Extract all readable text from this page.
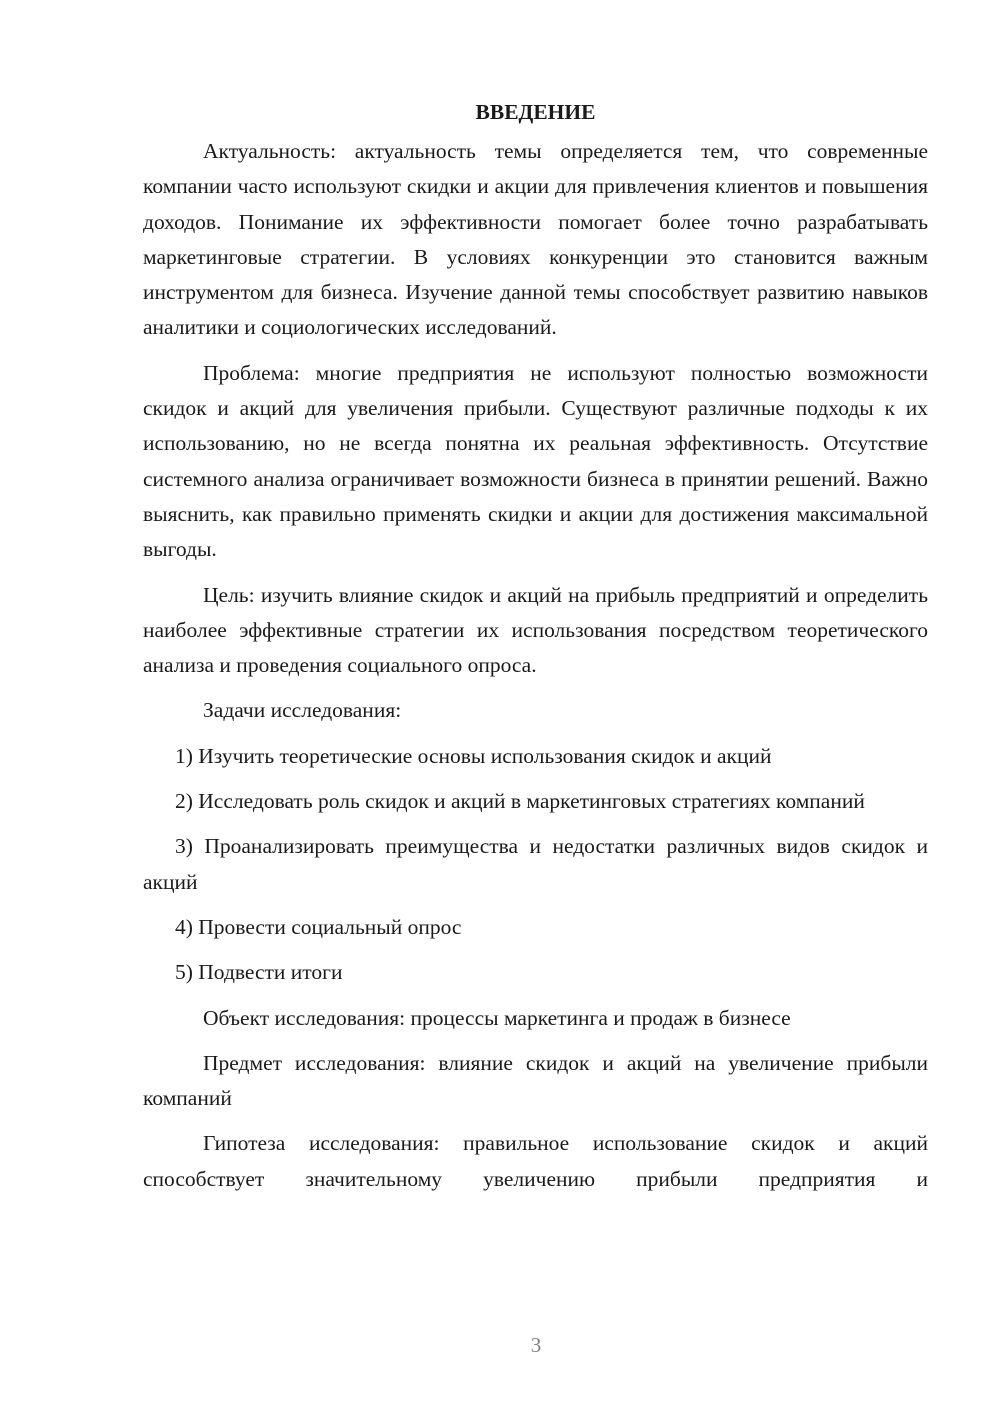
ВВЕДЕНИЕ

Актуальность: актуальность темы определяется тем, что современные компании часто используют скидки и акции для привлечения клиентов и повышения доходов. Понимание их эффективности помогает более точно разрабатывать маркетинговые стратегии. В условиях конкуренции это становится важным инструментом для бизнеса. Изучение данной темы способствует развитию навыков аналитики и социологических исследований.

Проблема: многие предприятия не используют полностью возможности скидок и акций для увеличения прибыли. Существуют различные подходы к их использованию, но не всегда понятна их реальная эффективность. Отсутствие системного анализа ограничивает возможности бизнеса в принятии решений. Важно выяснить, как правильно применять скидки и акции для достижения максимальной выгоды.

Цель: изучить влияние скидок и акций на прибыль предприятий и определить наиболее эффективные стратегии их использования посредством теоретического анализа и проведения социального опроса.

Задачи исследования:

1) Изучить теоретические основы использования скидок и акций

2) Исследовать роль скидок и акций в маркетинговых стратегиях компаний

3) Проанализировать преимущества и недостатки различных видов скидок и акций

4) Провести социальный опрос

5) Подвести итоги

Объект исследования: процессы маркетинга и продаж в бизнесе

Предмет исследования: влияние скидок и акций на увеличение прибыли компаний

Гипотеза исследования: правильное использование скидок и акций способствует значительному увеличению прибыли предприятия и

3
